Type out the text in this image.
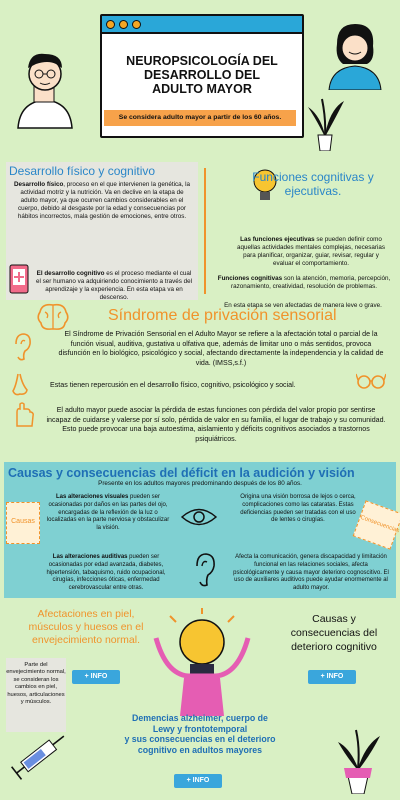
NEUROPSICOLOGÍA DEL
DESARROLLO DEL
ADULTO MAYOR
Se considera adulto mayor a partir de los 60 años.
Desarrollo físico y cognitivo
Desarrollo físico, proceso en el que intervienen la genética, la actividad motriz y la nutrición. Va en declive en la etapa de adulto mayor, ya que ocurren cambios considerables en el cuerpo, debido al desgaste por la edad y consecuencias por hábitos incorrectos, mala gestión de emociones, entre otros.
El desarrollo cognitivo es el proceso mediante el cual el ser humano va adquiriendo conocimiento a través del aprendizaje y la experiencia. En esta etapa va en descenso.
Funciones cognitivas y
ejecutivas.
Las funciones ejecutivas se pueden definir como aquellas actividades mentales complejas, necesarias para planificar, organizar, guiar, revisar, regular y evaluar el comportamiento.
Funciones cognitivas son la atención, memoria, percepción, razonamiento, creatividad, resolución de problemas.
En esta etapa se ven afectadas de manera leve o grave.
Síndrome de privación sensorial
El Síndrome de Privación Sensorial en el Adulto Mayor se refiere a la afectación total o parcial de la función visual, auditiva, gustativa u olfativa que, además de limitar uno o más sentidos, provoca disfunción en lo biológico, psicológico y social, afectando directamente la independencia y la calidad de vida. (IMSS,s.f.)
Estas tienen repercusión en el desarrollo físico, cognitivo, psicológico y social.
El adulto mayor puede asociar la pérdida de estas funciones con pérdida del valor propio por sentirse incapaz de cuidarse y valerse por sí solo, pérdida de valor en su familia, el lugar de trabajo y su comunidad. Esto puede provocar una baja autoestima, aislamiento y déficits cognitivos asociados a trastornos psiquiátricos.
Causas y consecuencias del déficit en la audición y visión
Presente en los adultos mayores predominando después de los 80 años.
Causas	Consecuencias
Las alteraciones visuales pueden ser ocasionadas por daños en las partes del ojo, encargadas de la reflexión de la luz o localizadas en la parte nerviosa y obstaculizar la visión.
Origina una visión borrosa de lejos o cerca, complicaciones como las cataratas. Estas deficiencias pueden ser tratadas con el uso de lentes o cirugías.
Las alteraciones auditivas pueden ser ocasionadas por edad avanzada, diabetes, hipertensión, tabaquismo, ruido ocupacional, cirugías, infecciones óticas, enfermedad cerebrovascular entre otras.
Afecta la comunicación, genera discapacidad y limitación funcional en las relaciones sociales, afecta psicológicamente y causa mayor deterioro cognoscitivo. El uso de auxiliares auditivos puede ayudar enormemente al adulto mayor.
Afectaciones en piel,
músculos y huesos en el
envejecimiento normal.
Parte del envejecimiento normal, se consideran los cambios en piel, huesos, articulaciones y músculos.
+ INFO
Causas y
consecuencias del
deterioro cognitivo
+ INFO
Demencias alzheimer, cuerpo de
Lewy y frontotemporal
y sus consecuencias en el deterioro
cognitivo en adultos mayores
+ INFO
